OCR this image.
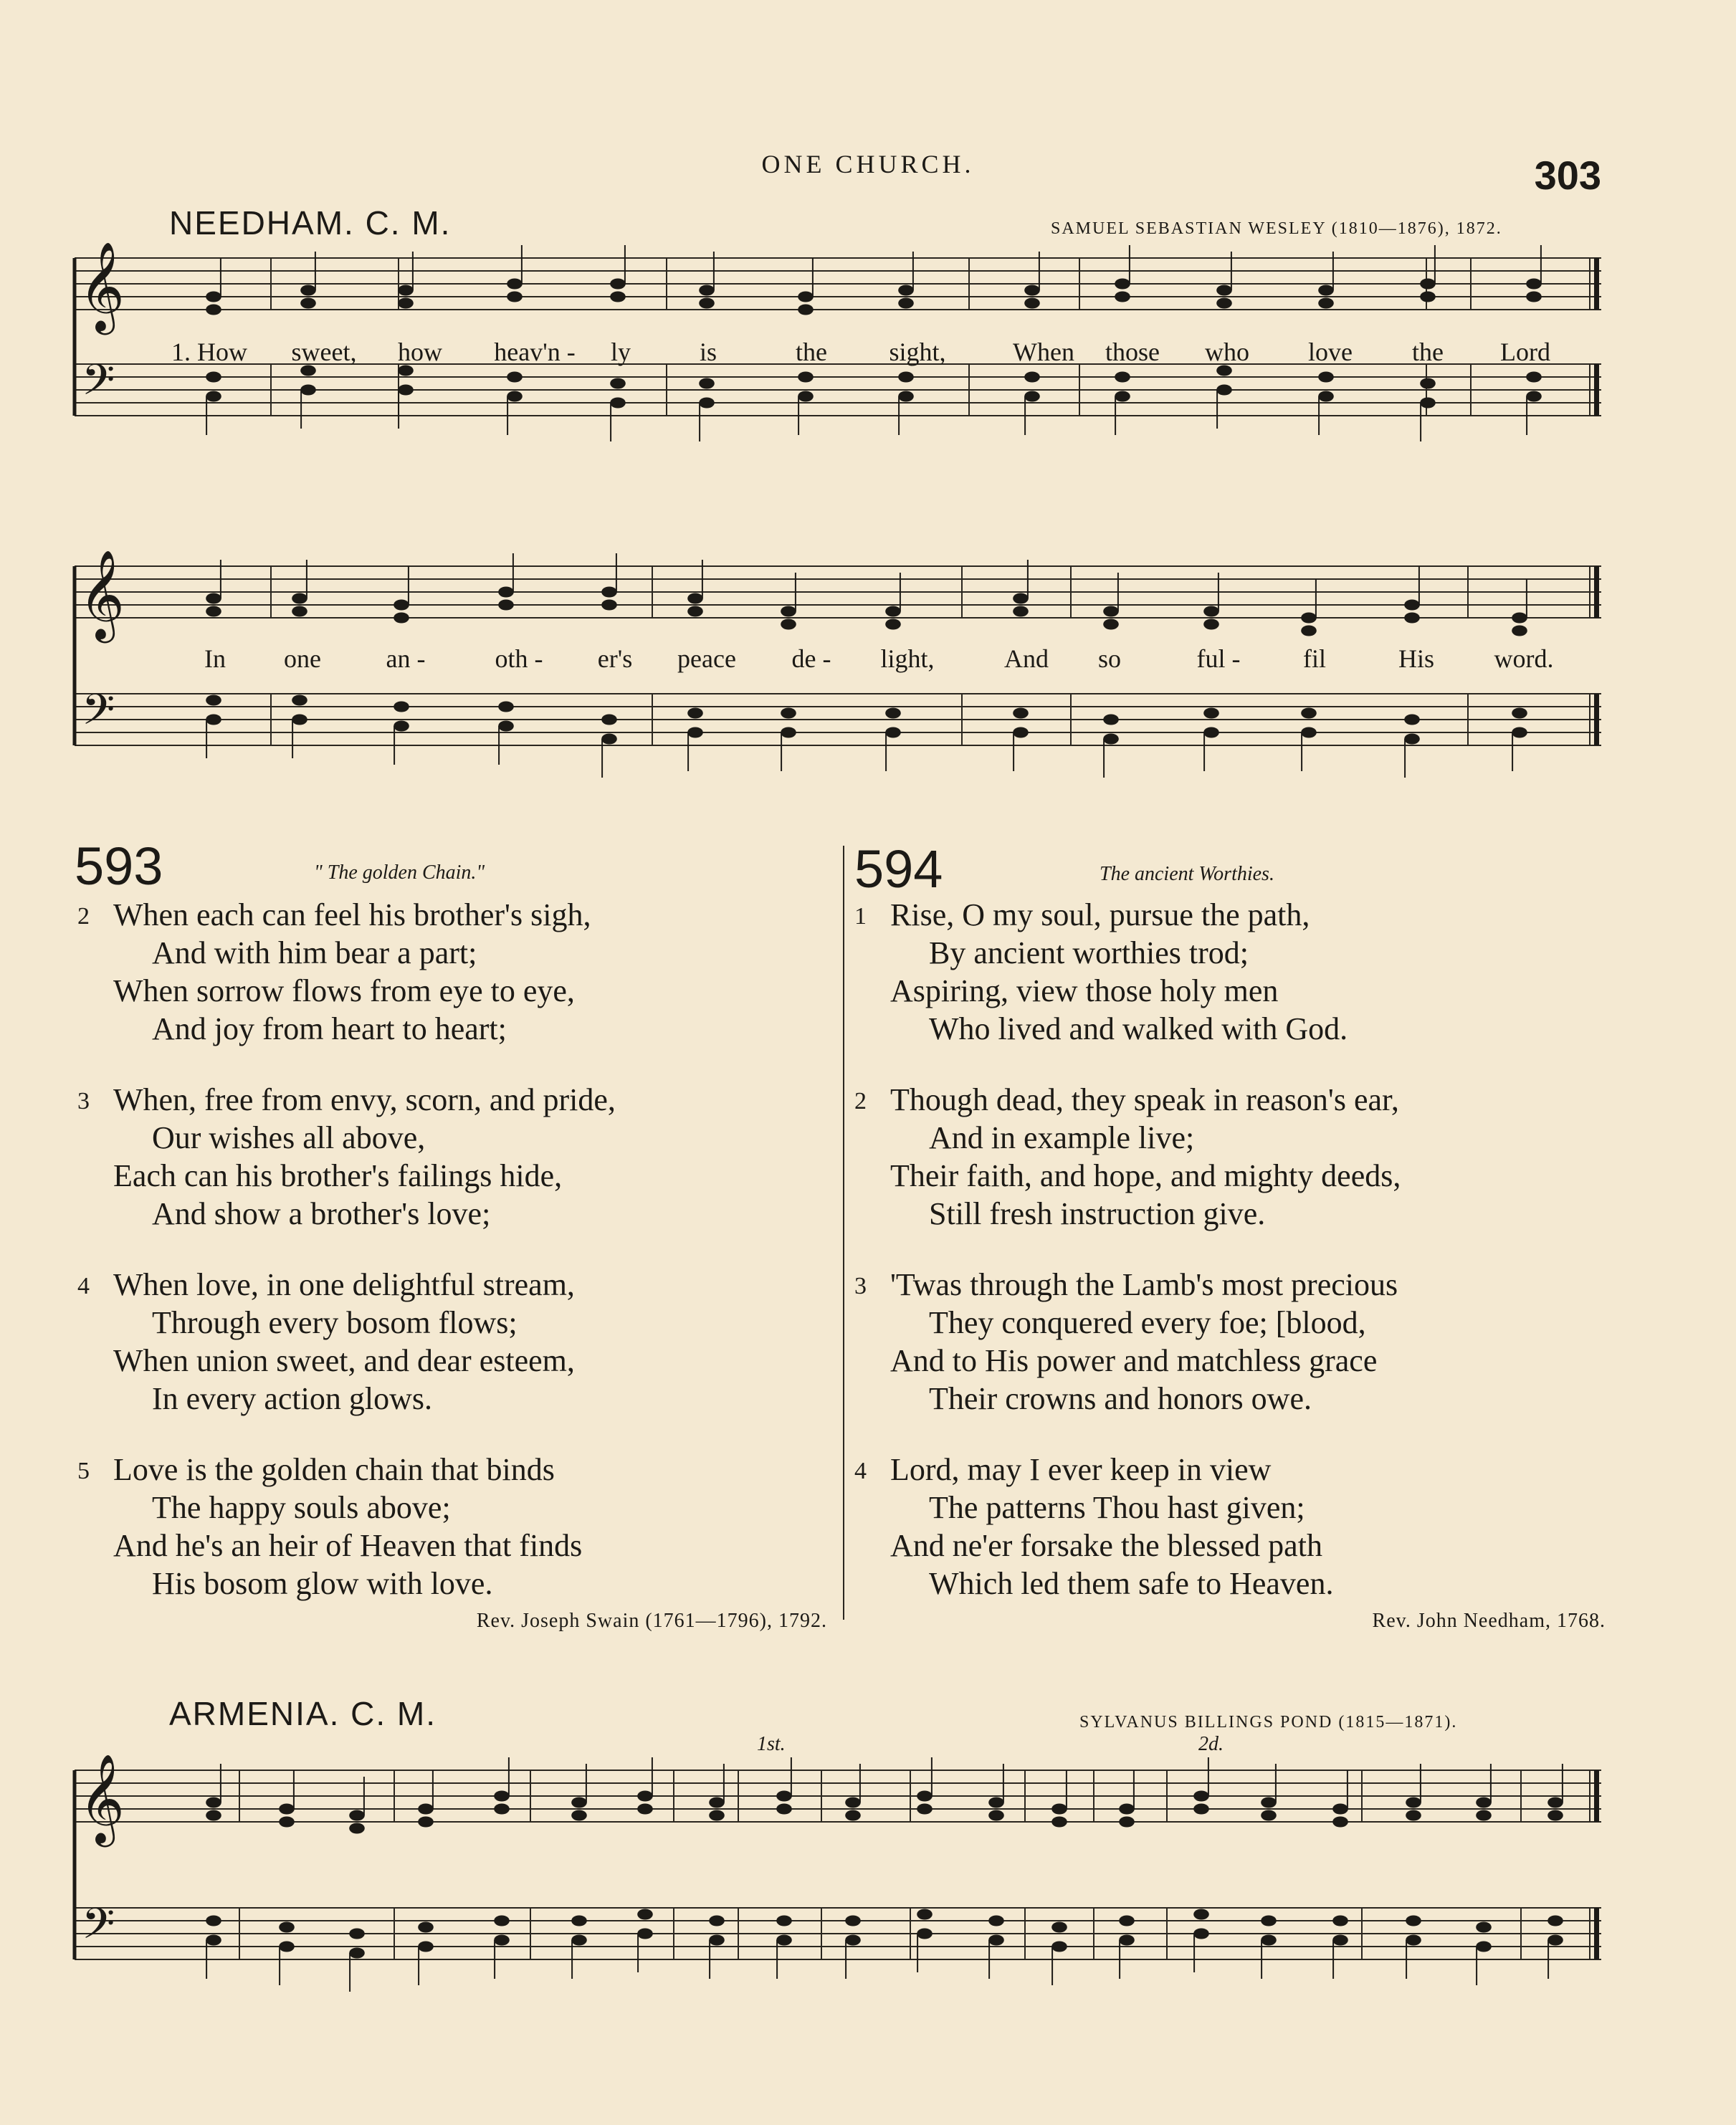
ONE CHURCH.	303
NEEDHAM. C. M.	SAMUEL SEBASTIAN WESLEY (1810—1876), 1872.
𝄞
𝄢
1. How sweet, how heav'n - ly	is	the sight,	When those who love the Lord
𝄞
𝄢
In one	an -	oth - er's peace de - light,	And so	ful - fil	His word.
593	" The golden Chain."
2 When each can feel his brother's sigh,
And with him bear a part;
When sorrow flows from eye to eye,
And joy from heart to heart;
3 When, free from envy, scorn, and pride,
Our wishes all above,
Each can his brother's failings hide,
And show a brother's love;
4 When love, in one delightful stream,
Through every bosom flows;
When union sweet, and dear esteem,
In every action glows.
5 Love is the golden chain that binds
The happy souls above;
And he's an heir of Heaven that finds
His bosom glow with love.
Rev. Joseph Swain (1761—1796), 1792.
594	The ancient Worthies.
1 Rise, O my soul, pursue the path,
By ancient worthies trod;
Aspiring, view those holy men
Who lived and walked with God.
2 Though dead, they speak in reason's ear,
And in example live;
Their faith, and hope, and mighty deeds,
Still fresh instruction give.
3 'Twas through the Lamb's most precious
They conquered every foe; [blood,
And to His power and matchless grace
Their crowns and honors owe.
4 Lord, may I ever keep in view
The patterns Thou hast given;
And ne'er forsake the blessed path
Which led them safe to Heaven.
Rev. John Needham, 1768.
ARMENIA. C. M.	SYLVANUS BILLINGS POND (1815—1871).
1st.	2d.
𝄞
𝄢
